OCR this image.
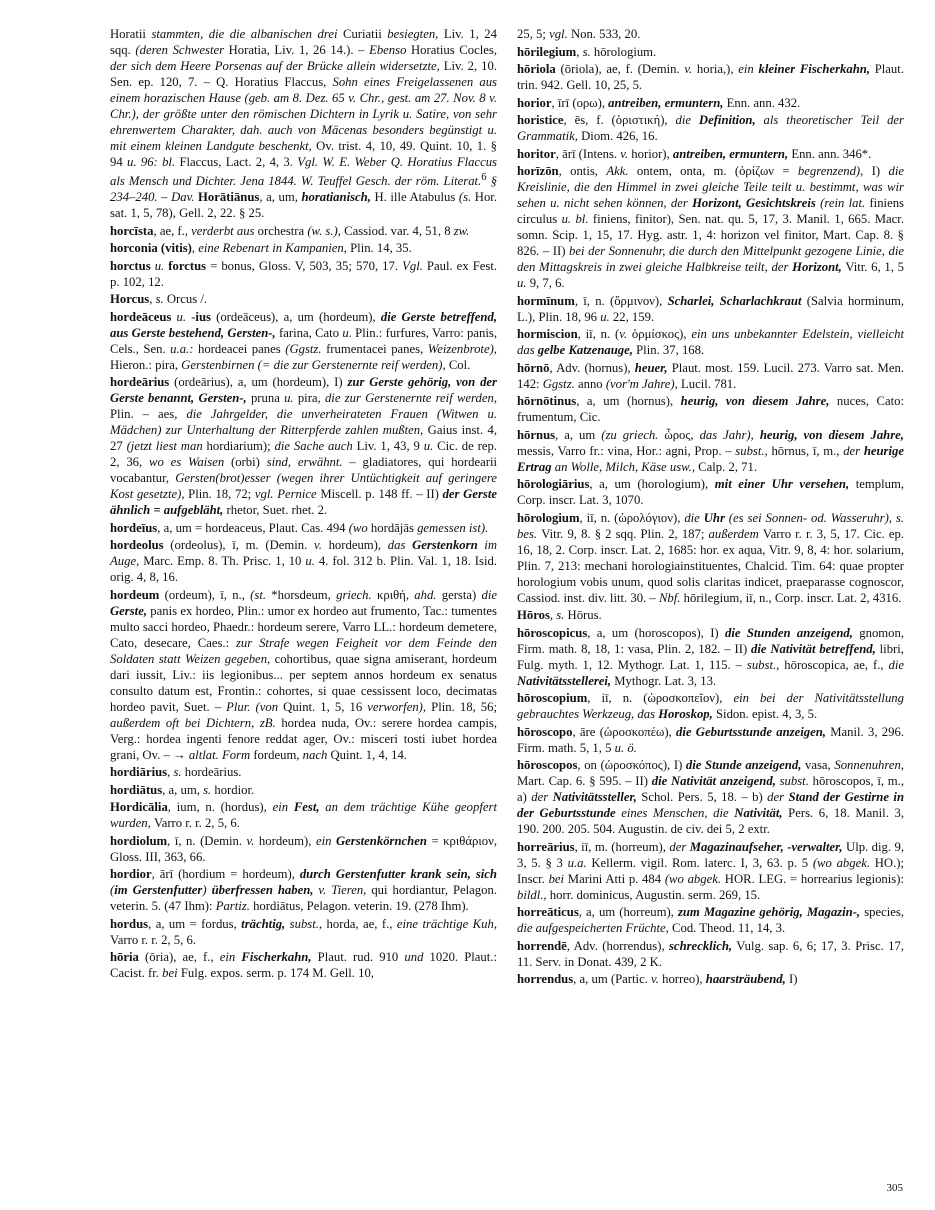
Horatii stammten, die die albanischen drei Curiatii besiegten, Liv. 1, 24 sqq. (deren Schwester Horatia, Liv. 1, 26 14.). – Ebenso Horatius Cocles, der sich dem Heere Porsenas auf der Brücke allein widersetzte, Liv. 2, 10. Sen. ep. 120, 7. – Q. Horatius Flaccus, Sohn eines Freigelassenen aus einem horazischen Hause (geb. am 8. Dez. 65 v. Chr., gest. am 27. Nov. 8 v. Chr.), der größte unter den römischen Dichtern in Lyrik u. Satire, von sehr ehrenwertem Charakter, dah. auch von Mäcenas besonders begünstigt u. mit einem kleinen Landgute beschenkt, Ov. trist. 4, 10, 49. Quint. 10, 1. § 94 u. 96: bl. Flaccus, Lact. 2, 4, 3. Vgl. W. E. Weber Q. Horatius Flaccus als Mensch und Dichter. Jena 1844. W. Teuffel Gesch. der röm. Literat.$^6$ § 234–240. – Dav. Horātiānus, a, um, horatianisch, H. ille Atabulus (s. Hor. sat. 1, 5, 78), Gell. 2, 22. § 25.

horcīsta, ae, f., verderbt aus orchestra (w. s.), Cassiod. var. 4, 51, 8 zw.

horconia (vitis), eine Rebenart in Kampanien, Plin. 14, 35.

horctus u. forctus = bonus, Gloss. V, 503, 35; 570, 17. Vgl. Paul. ex Fest. p. 102, 12.

Horcus, s. Orcus /.

hordeāceus u. -ius (ordeāceus), a, um (hordeum), die Gerste betreffend, aus Gerste bestehend, Gersten-, farina, Cato u. Plin.: furfures, Varro: panis, Cels., Sen. u.a.: hordeacei panes (Ggstz. frumentacei panes, Weizenbrote), Hieron.: pira, Gerstenbirnen (= die zur Gerstenernte reif werden), Col.

hordeārius (ordeārius), a, um (hordeum), I) zur Gerste gehörig, von der Gerste benannt, Gersten-, pruna u. pira, die zur Gerstenernte reif werden, Plin. – aes, die Jahrgelder, die unverheirateten Frauen (Witwen u. Mädchen) zur Unterhaltung der Ritterpferde zahlen mußten, Gaius inst. 4, 27 (jetzt liest man hordiarium); die Sache auch Liv. 1, 43, 9 u. Cic. de rep. 2, 36, wo es Waisen (orbi) sind, erwähnt. – gladiatores, qui hordearii vocabantur, Gersten(brot)esser (wegen ihrer Untüchtigkeit auf geringere Kost gesetzte), Plin. 18, 72; vgl. Pernice Miscell. p. 148 ff. – II) der Gerste ähnlich = aufgebläht, rhetor, Suet. rhet. 2.

hordeīus, a, um = hordeaceus, Plaut. Cas. 494 (wo hordājās gemessen ist).

hordeolus (ordeolus), ī, m. (Demin. v. hordeum), das Gerstenkorn im Auge, Marc. Emp. 8. Th. Prisc. 1, 10 u. 4. fol. 312 b. Plin. Val. 1, 18. Isid. orig. 4, 8, 16.

hordeum (ordeum), ī, n., (st. *horsdeum, griech. κριθή, ahd. gersta) die Gerste, panis ex hordeo, Plin.: umor ex hordeo aut frumento, Tac.: tumentes multo sacci hordeo, Phaedr.: hordeum serere, Varro LL.: hordeum demetere, Cato, desecare, Caes.: zur Strafe wegen Feigheit vor dem Feinde den Soldaten statt Weizen gegeben, cohortibus, quae signa amiserant, hordeum dari iussit, Liv.: iis legionibus... per septem annos hordeum ex senatus consulto datum est, Frontin.: cohortes, si quae cessissent loco, decimatas hordeo pavit, Suet. – Plur. (von Quint. 1, 5, 16 verworfen), Plin. 18, 56; außerdem oft bei Dichtern, zB. hordea nuda, Ov.: serere hordea campis, Verg.: hordea ingenti fenore reddat ager, Ov.: misceri tosti iubet hordea grani, Ov. – → altlat. Form fordeum, nach Quint. 1, 4, 14.

hordiārius, s. hordeārius.

hordiātus, a, um, s. hordior.

Hordicālia, ium, n. (hordus), ein Fest, an dem trächtige Kühe geopfert wurden, Varro r. r. 2, 5, 6.

hordiolum, ī, n. (Demin. v. hordeum), ein Gerstenkörnchen = κριθάριον, Gloss. III, 363, 66.

hordior, ārī (hordium = hordeum), durch Gerstenfutter krank sein, sich (im Gerstenfutter) überfressen haben, v. Tieren, qui hordiantur, Pelagon. veterin. 5. (47 Ihm): Partiz. hordiātus, Pelagon. veterin. 19. (278 Ihm).

hordus, a, um = fordus, trächtig, subst., horda, ae, f., eine trächtige Kuh, Varro r. r. 2, 5, 6.

hōria (ōria), ae, f., ein Fischerkahn, Plaut. rud. 910 und 1020. Plaut.: Cacist. fr. bei Fulg. expos. serm. p. 174 M. Gell. 10,

25, 5; vgl. Non. 533, 20.

hōrilegium, s. hōrologium.

hōriola (ōriola), ae, f. (Demin. v. horia,), ein kleiner Fischerkahn, Plaut. trin. 942. Gell. 10, 25, 5.

horior, īrī (ορω), antreiben, ermuntern, Enn. ann. 432.

horistice, ēs, f. (ὁριστική), die Definition, als theoretischer Teil der Grammatik, Diom. 426, 16.

horitor, ārī (Intens. v. horior), antreiben, ermuntern, Enn. ann. 346*.

horīzōn, ontis, Akk. ontem, onta, m. (ὁρίζων = begrenzend), I) die Kreislinie, die den Himmel in zwei gleiche Teile teilt u. bestimmt, was wir sehen u. nicht sehen können, der Horizont, Gesichtskreis (rein lat. finiens circulus u. bl. finiens, finitor), Sen. nat. qu. 5, 17, 3. Manil. 1, 665. Macr. somn. Scip. 1, 15, 17. Hyg. astr. 1, 4: horizon vel finitor, Mart. Cap. 8. § 826. – II) bei der Sonnenuhr, die durch den Mittelpunkt gezogene Linie, die den Mittagskreis in zwei gleiche Halbkreise teilt, der Horizont, Vitr. 6, 1, 5 u. 9, 7, 6.

hormīnum, ī, n. (ὅρμινον), Scharlei, Scharlachkraut (Salvia horminum, L.), Plin. 18, 96 u. 22, 159.

hormiscion, iī, n. (v. ὁρμίσκος), ein uns unbekannter Edelstein, vielleicht das gelbe Katzenauge, Plin. 37, 168.

hōrnō, Adv. (hornus), heuer, Plaut. most. 159. Lucil. 273. Varro sat. Men. 142: Ggstz. anno (vor'm Jahre), Lucil. 781.

hōrnōtinus, a, um (hornus), heurig, von diesem Jahre, nuces, Cato: frumentum, Cic.

hōrnus, a, um (zu griech. ὧρος, das Jahr), heurig, von diesem Jahre, messis, Varro fr.: vina, Hor.: agni, Prop. – subst., hōrnus, ī, m., der heurige Ertrag an Wolle, Milch, Käse usw., Calp. 2, 71.

hōrologiārius, a, um (horologium), mit einer Uhr versehen, templum, Corp. inscr. Lat. 3, 1070.

hōrologium, iī, n. (ὡρολόγιον), die Uhr (es sei Sonnen- od. Wasseruhr), s. bes. Vitr. 9, 8. § 2 sqq. Plin. 2, 187; außerdem Varro r. r. 3, 5, 17. Cic. ep. 16, 18, 2. Corp. inscr. Lat. 2, 1685: hor. ex aqua, Vitr. 9, 8, 4: hor. solarium, Plin. 7, 213: mechani horologiainstituentes, Chalcid. Tim. 64: quae propter horologium vobis unum, quod solis claritas indicet, praeparasse cognoscor, Cassiod. inst. div. litt. 30. – Nbf. hōrilegium, iī, n., Corp. inscr. Lat. 2, 4316.

Hōros, s. Hōrus.

hōroscopicus, a, um (horoscopos), I) die Stunden anzeigend, gnomon, Firm. math. 8, 18, 1: vasa, Plin. 2, 182. – II) die Nativität betreffend, libri, Fulg. myth. 1, 12. Mythogr. Lat. 1, 115. – subst., hōroscopica, ae, f., die Nativitätsstellerei, Mythogr. Lat. 3, 13.

hōroscopium, iī, n. (ὡροσκοπεῖον), ein bei der Nativitätsstellung gebrauchtes Werkzeug, das Horoskop, Sidon. epist. 4, 3, 5.

hōroscopo, āre (ὡροσκοπέω), die Geburtsstunde anzeigen, Manil. 3, 296. Firm. math. 5, 1, 5 u. ö.

hōroscopos, on (ὡροσκόπος), I) die Stunde anzeigend, vasa, Sonnenuhren, Mart. Cap. 6. § 595. – II) die Nativität anzeigend, subst. hōroscopos, ī, m., a) der Nativitätssteller, Schol. Pers. 5, 18. – b) der Stand der Gestirne in der Geburtsstunde eines Menschen, die Nativität, Pers. 6, 18. Manil. 3, 190. 200. 205. 504. Augustin. de civ. dei 5, 2 extr.

horreārius, iī, m. (horreum), der Magazinaufseher, -verwalter, Ulp. dig. 9, 3, 5. § 3 u.a. Kellerm. vigil. Rom. laterc. I, 3, 63. p. 5 (wo abgek. HO.); Inscr. bei Marini Atti p. 484 (wo abgek. HOR. LEG. = horrearius legionis): bildl., horr. dominicus, Augustin. serm. 269, 15.

horreāticus, a, um (horreum), zum Magazine gehörig, Magazin-, species, die aufgespeicherten Früchte, Cod. Theod. 11, 14, 3.

horrendē, Adv. (horrendus), schrecklich, Vulg. sap. 6, 6; 17, 3. Prisc. 17, 11. Serv. in Donat. 439, 2 K.

horrendus, a, um (Partic. v. horreo), haarsträubend, I)

305
